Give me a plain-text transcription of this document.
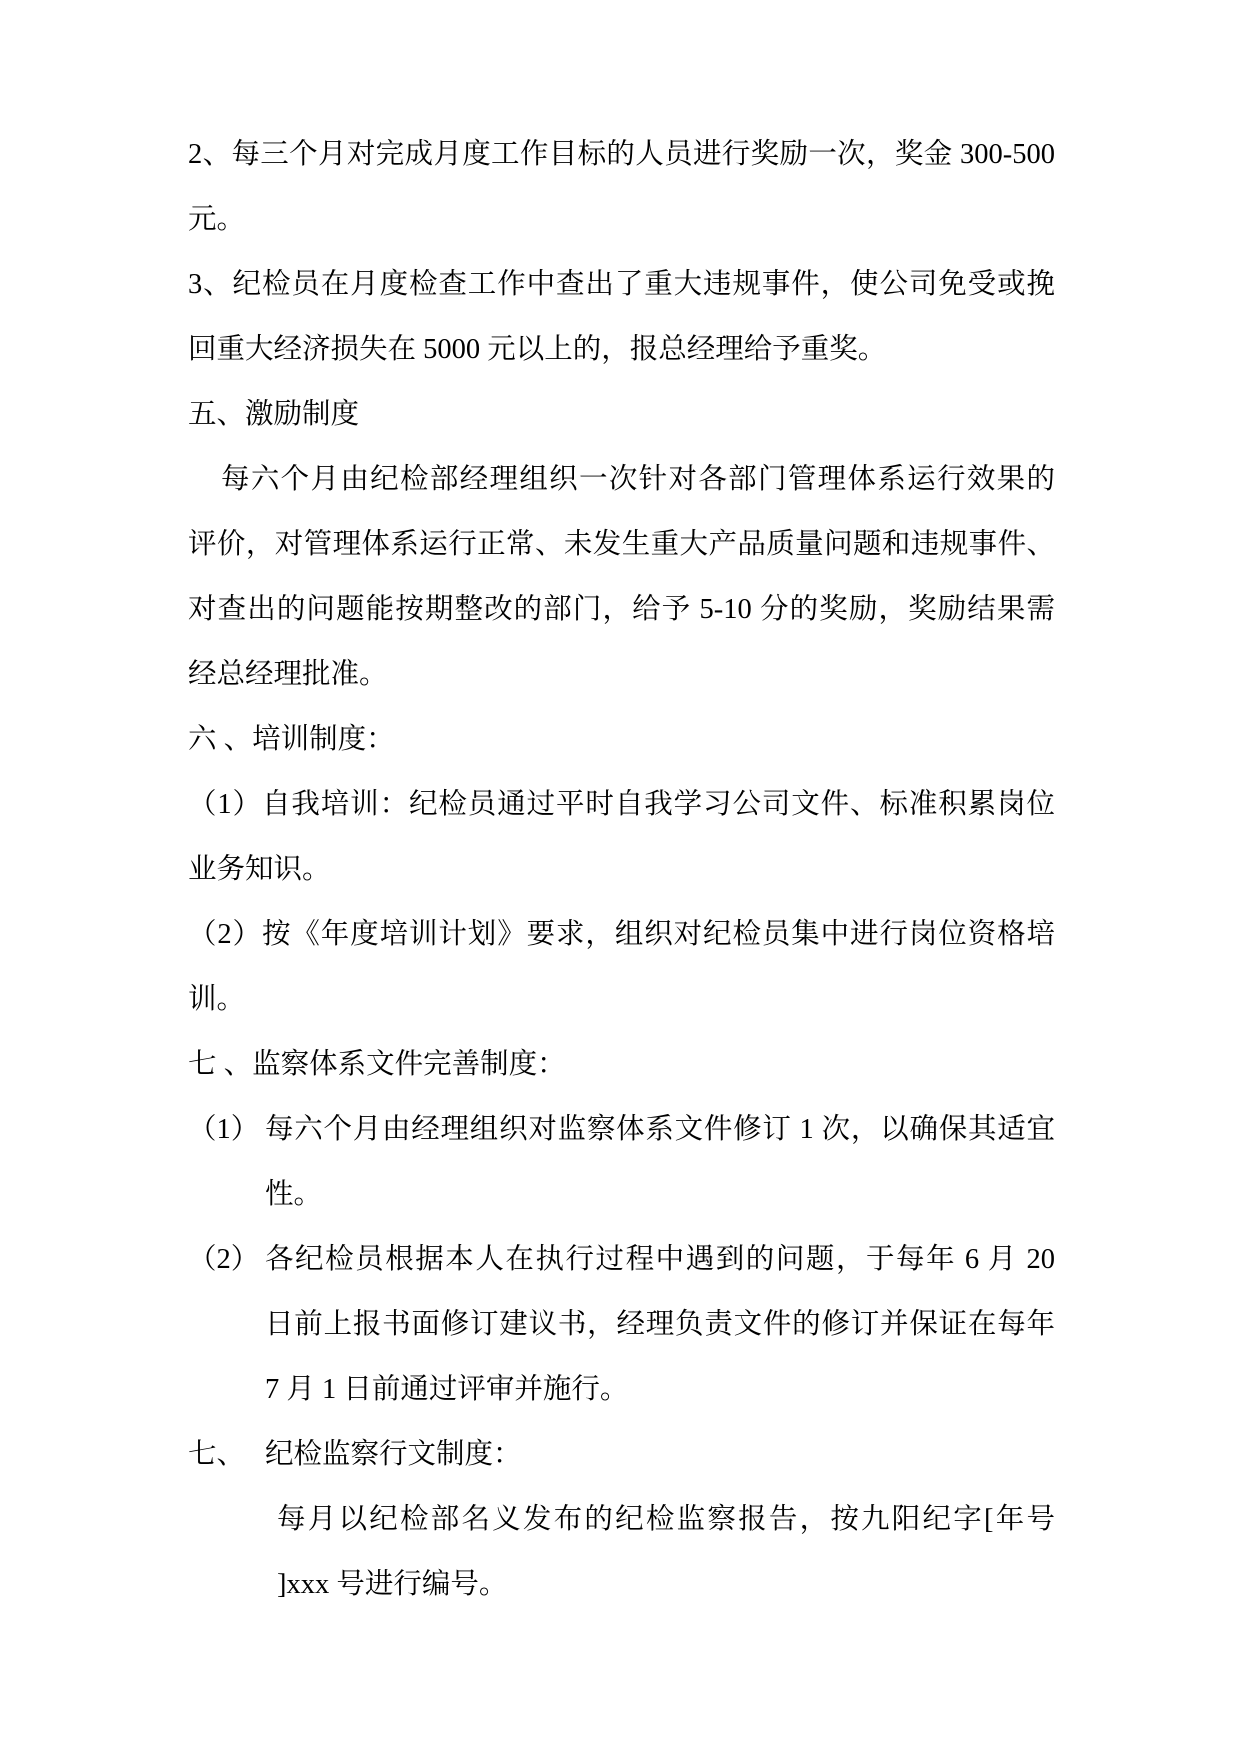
2、每三个月对完成月度工作目标的人员进行奖励一次，奖金 300-500
元。
3、纪检员在月度检查工作中查出了重大违规事件，使公司免受或挽
回重大经济损失在 5000 元以上的，报总经理给予重奖。
五、激励制度
每六个月由纪检部经理组织一次针对各部门管理体系运行效果的
评价，对管理体系运行正常、未发生重大产品质量问题和违规事件、
对查出的问题能按期整改的部门，给予 5-10 分的奖励，奖励结果需
经总经理批准。
六 、培训制度：
（1）自我培训：纪检员通过平时自我学习公司文件、标准积累岗位
业务知识。
（2）按《年度培训计划》要求，组织对纪检员集中进行岗位资格培
训。
七 、监察体系文件完善制度：
（1） 每六个月由经理组织对监察体系文件修订 1 次，以确保其适宜
性。
（2） 各纪检员根据本人在执行过程中遇到的问题，于每年 6 月 20
日前上报书面修订建议书，经理负责文件的修订并保证在每年
7 月 1 日前通过评审并施行。
七、 纪检监察行文制度：
每月以纪检部名义发布的纪检监察报告，按九阳纪字[年号
]xxx 号进行编号。
